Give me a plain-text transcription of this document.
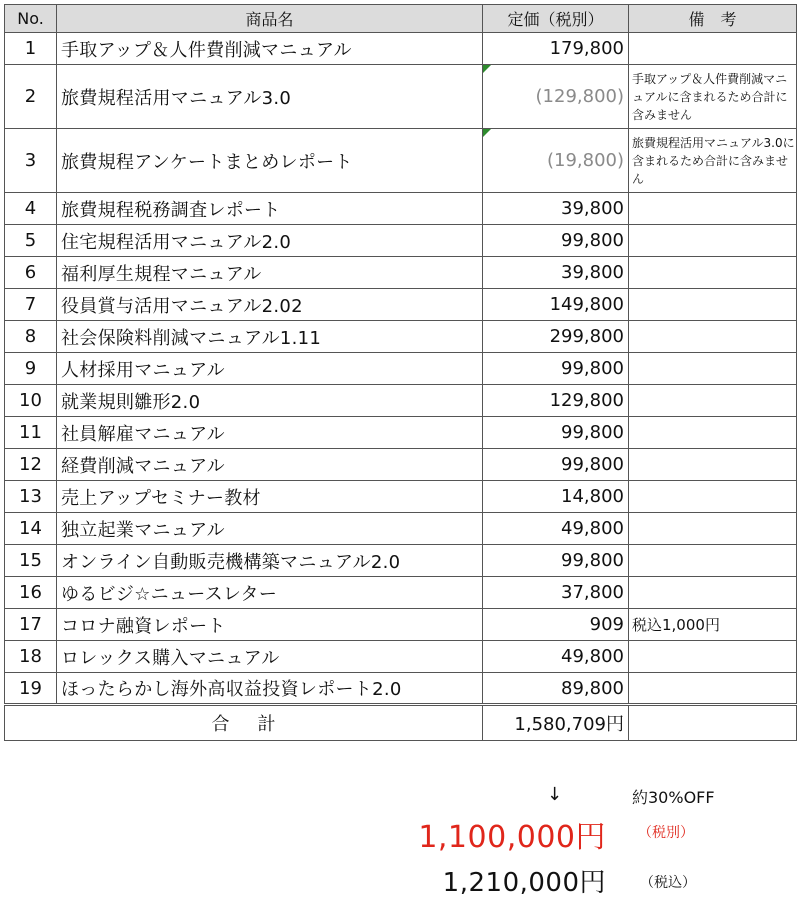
No.	商品名	定価（税別）	備　考
1	手取アップ＆人件費削減マニュアル	179,800	
2	旅費規程活用マニュアル3.0	(129,800)	手取アップ＆人件費削減マニュアルに含まれるため合計に含みません
3	旅費規程アンケートまとめレポート	(19,800)	旅費規程活用マニュアル3.0に含まれるため合計に含みません
4	旅費規程税務調査レポート	39,800	
5	住宅規程活用マニュアル2.0	99,800	
6	福利厚生規程マニュアル	39,800	
7	役員賞与活用マニュアル2.02	149,800	
8	社会保険料削減マニュアル1.11	299,800	
9	人材採用マニュアル	99,800	
10	就業規則雛形2.0	129,800	
11	社員解雇マニュアル	99,800	
12	経費削減マニュアル	99,800	
13	売上アップセミナー教材	14,800	
14	独立起業マニュアル	49,800	
15	オンライン自動販売機構築マニュアル2.0	99,800	
16	ゆるビジ☆ニュースレター	37,800	
17	コロナ融資レポート	909	税込1,000円
18	ロレックス購入マニュアル	49,800	
19	ほったらかし海外高収益投資レポート2.0	89,800	
合計		1,580,709円	
↓	約30%OFF
1,100,000円 （税別）
1,210,000円 （税込）
